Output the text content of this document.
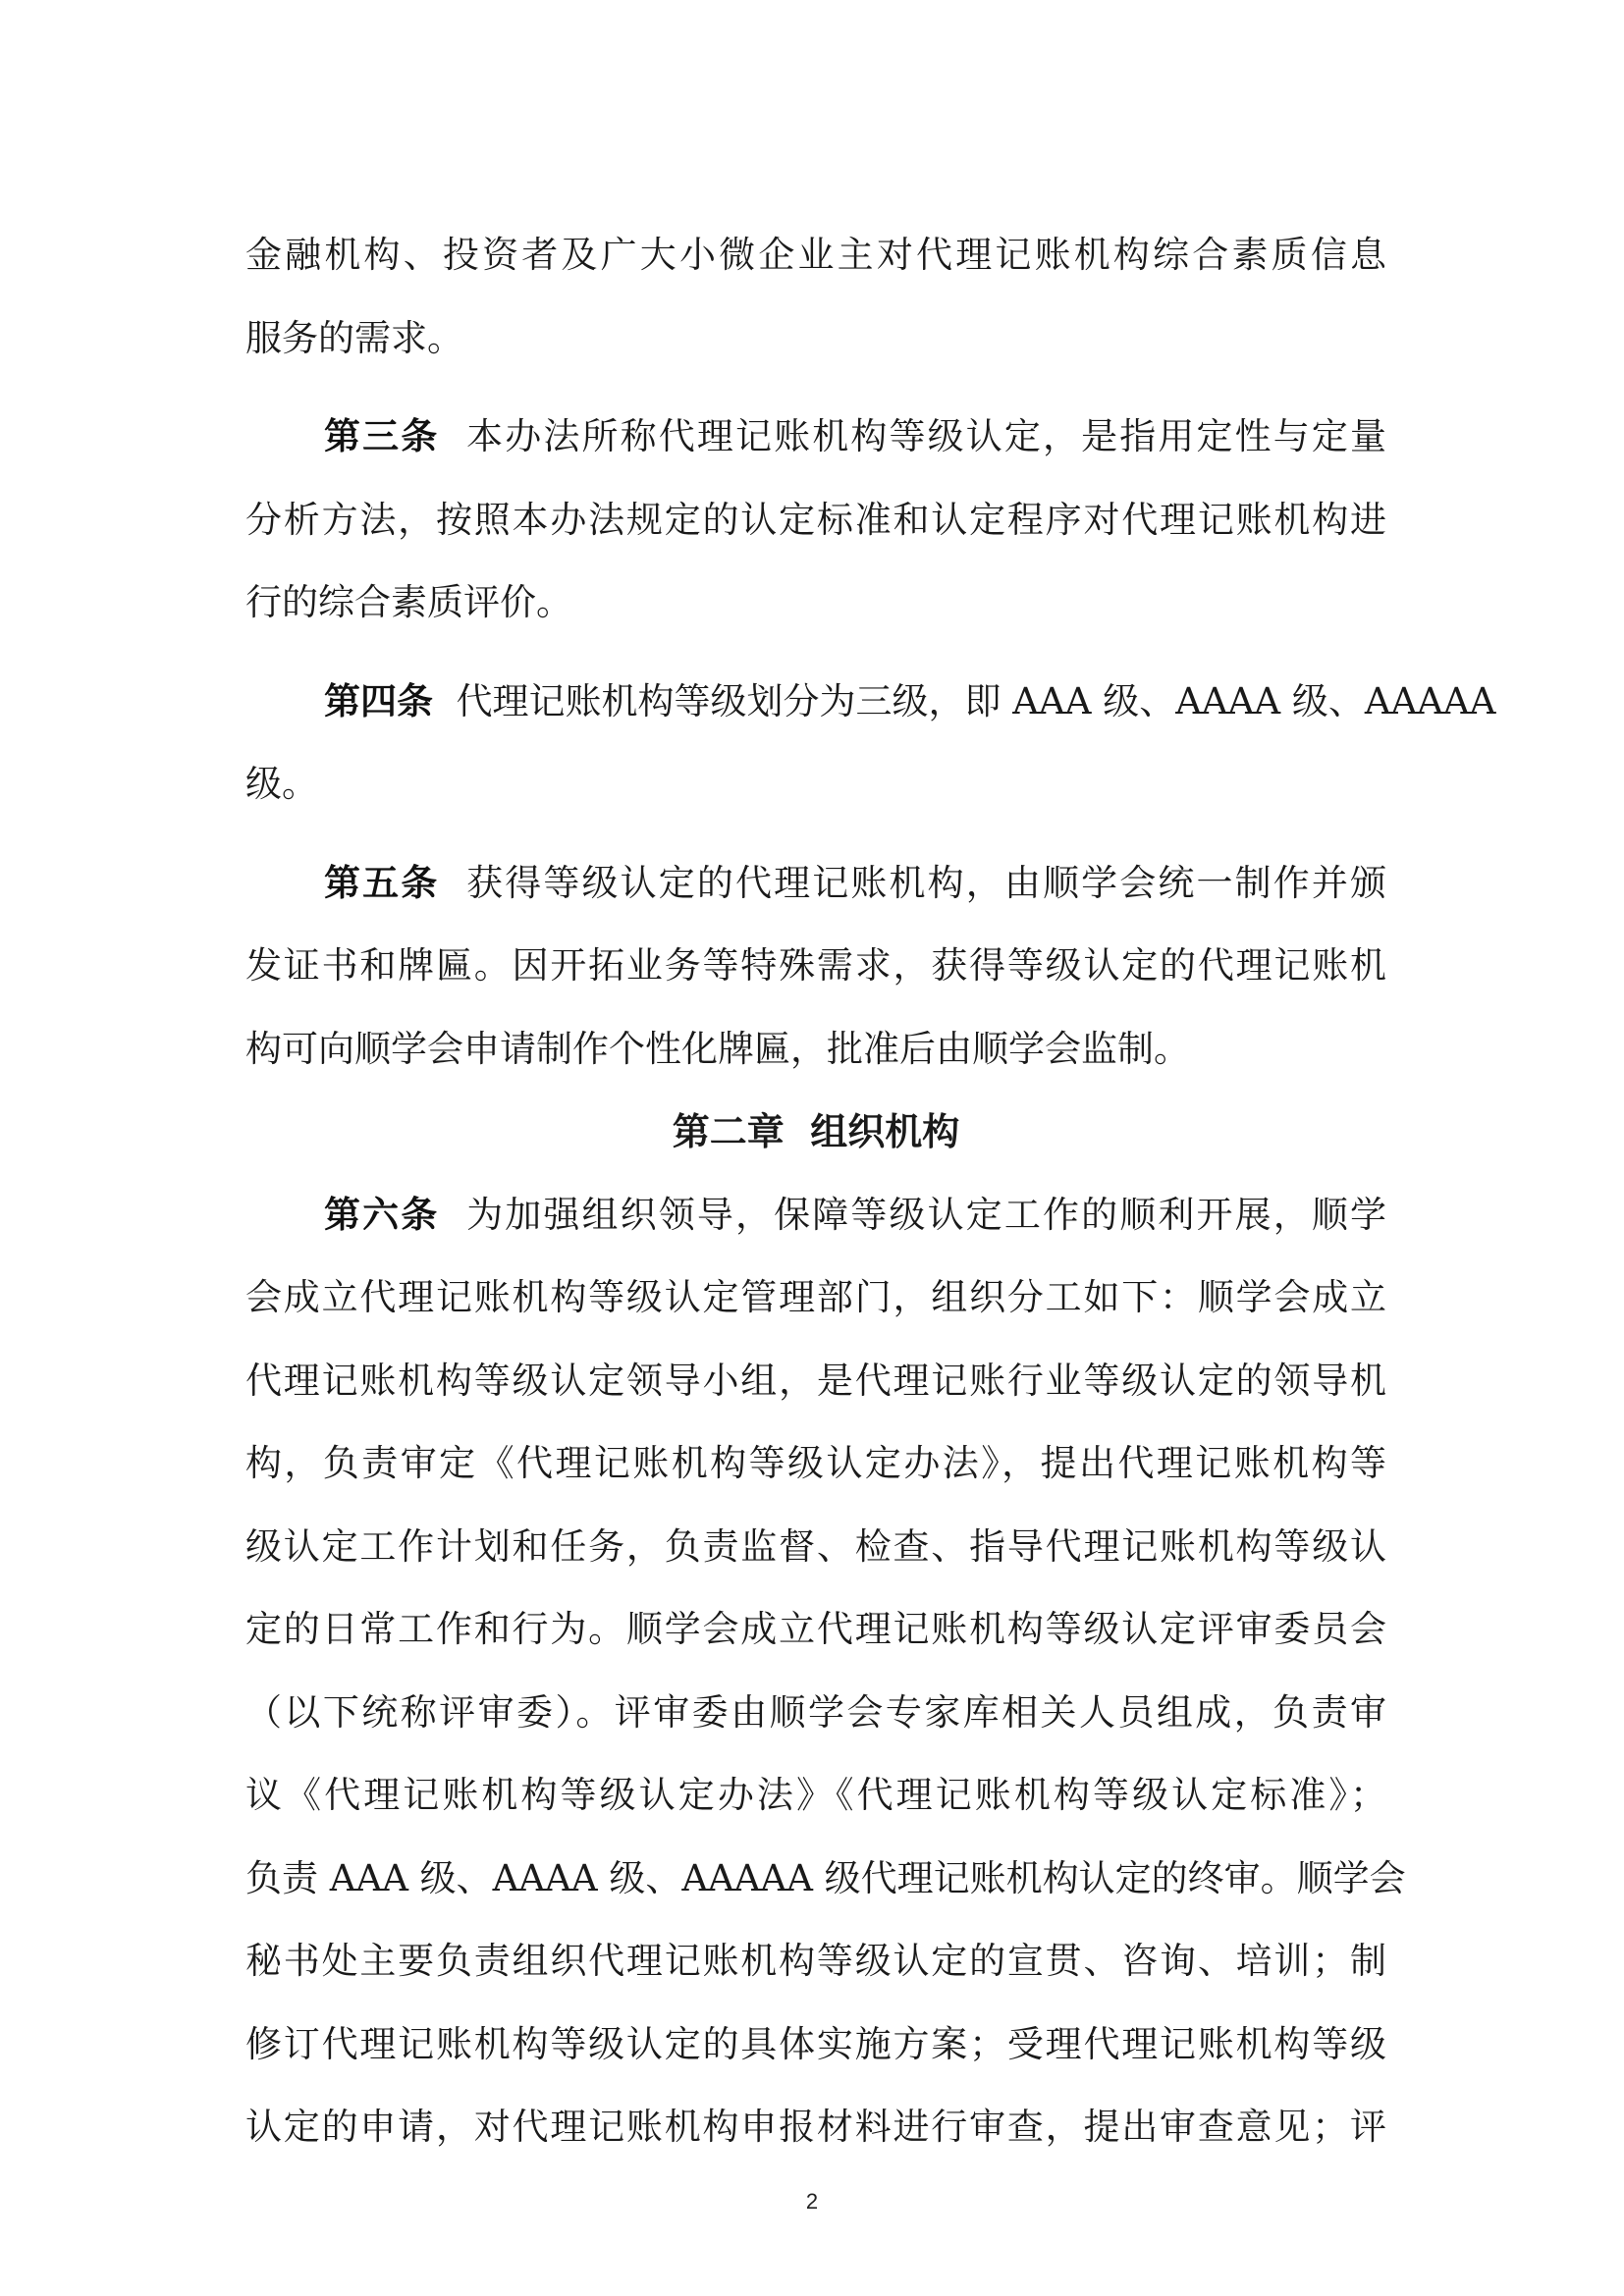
金融机构、投资者及广大小微企业主对代理记账机构综合素质信息
服务的需求。
第三条 本办法所称代理记账机构等级认定，是指用定性与定量
分析方法，按照本办法规定的认定标准和认定程序对代理记账机构进
行的综合素质评价。
第四条 代理记账机构等级划分为三级，即 AAA 级、AAAA 级、AAAAA
级。
第五条 获得等级认定的代理记账机构，由顺学会统一制作并颁
发证书和牌匾。因开拓业务等特殊需求，获得等级认定的代理记账机
构可向顺学会申请制作个性化牌匾，批准后由顺学会监制。
第二章  组织机构
第六条 为加强组织领导，保障等级认定工作的顺利开展，顺学
会成立代理记账机构等级认定管理部门，组织分工如下：顺学会成立
代理记账机构等级认定领导小组，是代理记账行业等级认定的领导机
构，负责审定《代理记账机构等级认定办法》，提出代理记账机构等
级认定工作计划和任务，负责监督、检查、指导代理记账机构等级认
定的日常工作和行为。顺学会成立代理记账机构等级认定评审委员会
（以下统称评审委）。评审委由顺学会专家库相关人员组成，负责审
议《代理记账机构等级认定办法》《代理记账机构等级认定标准》；
负责 AAA 级、AAAA 级、AAAAA 级代理记账机构认定的终审。顺学会
秘书处主要负责组织代理记账机构等级认定的宣贯、咨询、培训；制
修订代理记账机构等级认定的具体实施方案；受理代理记账机构等级
认定的申请，对代理记账机构申报材料进行审查，提出审查意见；评
2
